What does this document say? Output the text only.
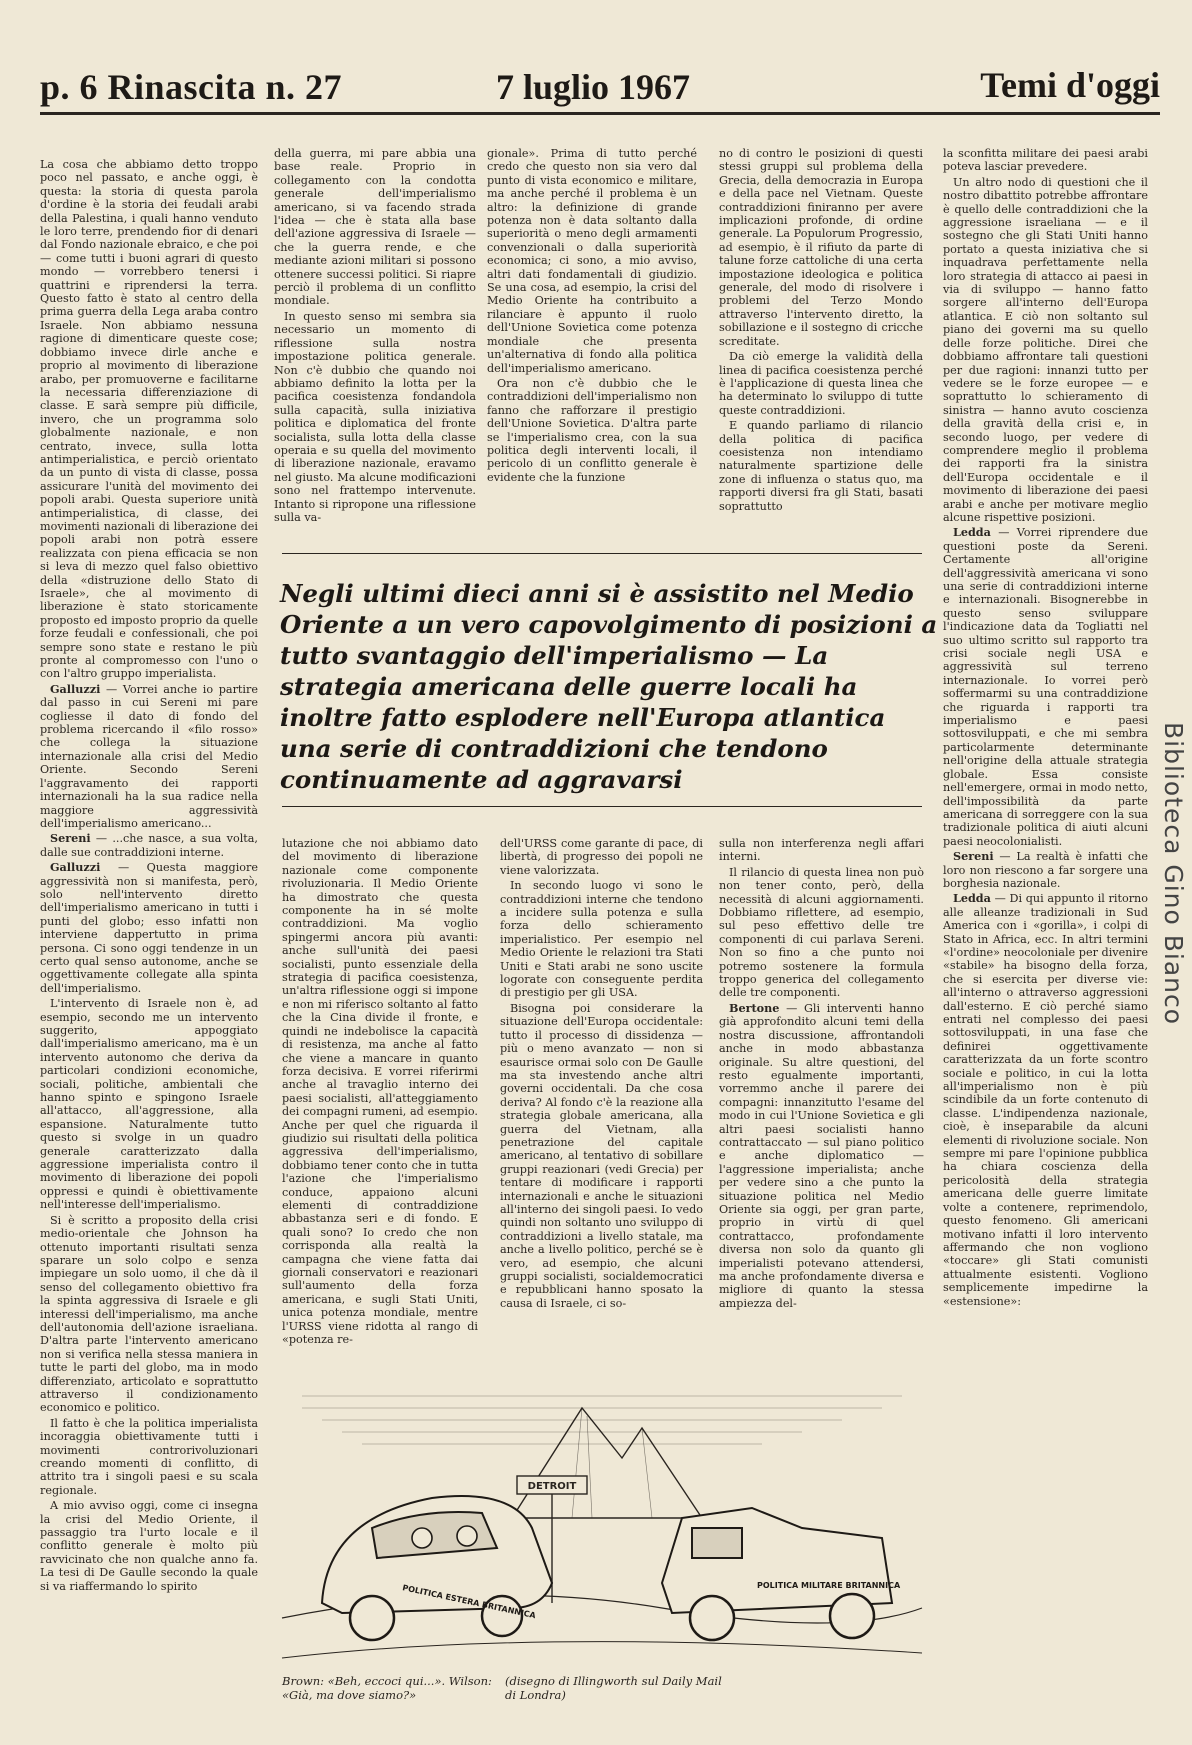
p. 6 Rinascita n. 27	7 luglio 1967	Temi d'oggi

La cosa che abbiamo detto troppo poco nel passato, e anche oggi, è questa: la storia di questa parola d'ordine è la storia dei feudali arabi della Palestina, i quali hanno venduto le loro terre, prendendo fior di denari dal Fondo nazionale ebraico, e che poi — come tutti i buoni agrari di questo mondo — vorrebbero tenersi i quattrini e riprendersi la terra. Questo fatto è stato al centro della prima guerra della Lega araba contro Israele. Non abbiamo nessuna ragione di dimenticare queste cose; dobbiamo invece dirle anche e proprio al movimento di liberazione arabo, per promuoverne e facilitarne la necessaria differenziazione di classe. E sarà sempre più difficile, invero, che un programma solo globalmente nazionale, e non centrato, invece, sulla lotta antimperialistica, e perciò orientato da un punto di vista di classe, possa assicurare l'unità del movimento dei popoli arabi. Questa superiore unità antimperialistica, di classe, dei movimenti nazionali di liberazione dei popoli arabi non potrà essere realizzata con piena efficacia se non si leva di mezzo quel falso obiettivo della «distruzione dello Stato di Israele», che al movimento di liberazione è stato storicamente proposto ed imposto proprio da quelle forze feudali e confessionali, che poi sempre sono state e restano le più pronte al compromesso con l'uno o con l'altro gruppo imperialista.

Galluzzi — Vorrei anche io partire dal passo in cui Sereni mi pare cogliesse il dato di fondo del problema ricercando il «filo rosso» che collega la situazione internazionale alla crisi del Medio Oriente. Secondo Sereni l'aggravamento dei rapporti internazionali ha la sua radice nella maggiore aggressività dell'imperialismo americano...

Sereni — ...che nasce, a sua volta, dalle sue contraddizioni interne.

Galluzzi — Questa maggiore aggressività non si manifesta, però, solo nell'intervento diretto dell'imperialismo americano in tutti i punti del globo; esso infatti non interviene dappertutto in prima persona. Ci sono oggi tendenze in un certo qual senso autonome, anche se oggettivamente collegate alla spinta dell'imperialismo.

L'intervento di Israele non è, ad esempio, secondo me un intervento suggerito, appoggiato dall'imperialismo americano, ma è un intervento autonomo che deriva da particolari condizioni economiche, sociali, politiche, ambientali che hanno spinto e spingono Israele all'attacco, all'aggressione, alla espansione. Naturalmente tutto questo si svolge in un quadro generale caratterizzato dalla aggressione imperialista contro il movimento di liberazione dei popoli oppressi e quindi è obiettivamente nell'interesse dell'imperialismo.

Si è scritto a proposito della crisi medio-orientale che Johnson ha ottenuto importanti risultati senza sparare un solo colpo e senza impiegare un solo uomo, il che dà il senso del collegamento obiettivo fra la spinta aggressiva di Israele e gli interessi dell'imperialismo, ma anche dell'autonomia dell'azione israeliana. D'altra parte l'intervento americano non si verifica nella stessa maniera in tutte le parti del globo, ma in modo differenziato, articolato e soprattutto attraverso il condizionamento economico e politico.

Il fatto è che la politica imperialista incoraggia obiettivamente tutti i movimenti controrivoluzionari creando momenti di conflitto, di attrito tra i singoli paesi e su scala regionale.

A mio avviso oggi, come ci insegna la crisi del Medio Oriente, il passaggio tra l'urto locale e il conflitto generale è molto più ravvicinato che non qualche anno fa. La tesi di De Gaulle secondo la quale si va riaffermando lo spirito

della guerra, mi pare abbia una base reale. Proprio in collegamento con la condotta generale dell'imperialismo americano, si va facendo strada l'idea — che è stata alla base dell'azione aggressiva di Israele — che la guerra rende, e che mediante azioni militari si possono ottenere successi politici. Si riapre perciò il problema di un conflitto mondiale.

In questo senso mi sembra sia necessario un momento di riflessione sulla nostra impostazione politica generale. Non c'è dubbio che quando noi abbiamo definito la lotta per la pacifica coesistenza fondandola sulla capacità, sulla iniziativa politica e diplomatica del fronte socialista, sulla lotta della classe operaia e su quella del movimento di liberazione nazionale, eravamo nel giusto. Ma alcune modificazioni sono nel frattempo intervenute. Intanto si ripropone una riflessione sulla va-

gionale». Prima di tutto perché credo che questo non sia vero dal punto di vista economico e militare, ma anche perché il problema è un altro: la definizione di grande potenza non è data soltanto dalla superiorità o meno degli armamenti convenzionali o dalla superiorità economica; ci sono, a mio avviso, altri dati fondamentali di giudizio. Se una cosa, ad esempio, la crisi del Medio Oriente ha contribuito a rilanciare è appunto il ruolo dell'Unione Sovietica come potenza mondiale che presenta un'alternativa di fondo alla politica dell'imperialismo americano.

Ora non c'è dubbio che le contraddizioni dell'imperialismo non fanno che rafforzare il prestigio dell'Unione Sovietica. D'altra parte se l'imperialismo crea, con la sua politica degli interventi locali, il pericolo di un conflitto generale è evidente che la funzione

no di contro le posizioni di questi stessi gruppi sul problema della Grecia, della democrazia in Europa e della pace nel Vietnam. Queste contraddizioni finiranno per avere implicazioni profonde, di ordine generale. La Populorum Progressio, ad esempio, è il rifiuto da parte di talune forze cattoliche di una certa impostazione ideologica e politica generale, del modo di risolvere i problemi del Terzo Mondo attraverso l'intervento diretto, la sobillazione e il sostegno di cricche screditate.

Da ciò emerge la validità della linea di pacifica coesistenza perché è l'applicazione di questa linea che ha determinato lo sviluppo di tutte queste contraddizioni.

E quando parliamo di rilancio della politica di pacifica coesistenza non intendiamo naturalmente spartizione delle zone di influenza o status quo, ma rapporti diversi fra gli Stati, basati soprattutto

la sconfitta militare dei paesi arabi poteva lasciar prevedere.

Un altro nodo di questioni che il nostro dibattito potrebbe affrontare è quello delle contraddizioni che la aggressione israeliana — e il sostegno che gli Stati Uniti hanno portato a questa iniziativa che si inquadrava perfettamente nella loro strategia di attacco ai paesi in via di sviluppo — hanno fatto sorgere all'interno dell'Europa atlantica. E ciò non soltanto sul piano dei governi ma su quello delle forze politiche. Direi che dobbiamo affrontare tali questioni per due ragioni: innanzi tutto per vedere se le forze europee — e soprattutto lo schieramento di sinistra — hanno avuto coscienza della gravità della crisi e, in secondo luogo, per vedere di comprendere meglio il problema dei rapporti fra la sinistra dell'Europa occidentale e il movimento di liberazione dei paesi arabi e anche per motivare meglio alcune rispettive posizioni.

Ledda — Vorrei riprendere due questioni poste da Sereni. Certamente all'origine dell'aggressività americana vi sono una serie di contraddizioni interne e internazionali. Bisognerebbe in questo senso sviluppare l'indicazione data da Togliatti nel suo ultimo scritto sul rapporto tra crisi sociale negli USA e aggressività sul terreno internazionale. Io vorrei però soffermarmi su una contraddizione che riguarda i rapporti tra imperialismo e paesi sottosviluppati, e che mi sembra particolarmente determinante nell'origine della attuale strategia globale. Essa consiste nell'emergere, ormai in modo netto, dell'impossibilità da parte americana di sorreggere con la sua tradizionale politica di aiuti alcuni paesi neocolonialisti.

Sereni — La realtà è infatti che loro non riescono a far sorgere una borghesia nazionale.

Ledda — Di qui appunto il ritorno alle alleanze tradizionali in Sud America con i «gorilla», i colpi di Stato in Africa, ecc. In altri termini «l'ordine» neocoloniale per divenire «stabile» ha bisogno della forza, che si esercita per diverse vie: all'interno o attraverso aggressioni dall'esterno. E ciò perché siamo entrati nel complesso dei paesi sottosviluppati, in una fase che definirei oggettivamente caratterizzata da un forte scontro sociale e politico, in cui la lotta all'imperialismo non è più scindibile da un forte contenuto di classe. L'indipendenza nazionale, cioè, è inseparabile da alcuni elementi di rivoluzione sociale. Non sempre mi pare l'opinione pubblica ha chiara coscienza della pericolosità della strategia americana delle guerre limitate volte a contenere, reprimendolo, questo fenomeno. Gli americani motivano infatti il loro intervento affermando che non vogliono «toccare» gli Stati comunisti attualmente esistenti. Vogliono semplicemente impedirne la «estensione»:

Negli ultimi dieci anni si è assistito nel Medio Oriente a un vero capovolgimento di posizioni a tutto svantaggio dell'imperialismo — La strategia americana delle guerre locali ha inoltre fatto esplodere nell'Europa atlantica una serie di contraddizioni che tendono continuamente ad aggravarsi

lutazione che noi abbiamo dato del movimento di liberazione nazionale come componente rivoluzionaria. Il Medio Oriente ha dimostrato che questa componente ha in sé molte contraddizioni. Ma voglio spingermi ancora più avanti: anche sull'unità dei paesi socialisti, punto essenziale della strategia di pacifica coesistenza, un'altra riflessione oggi si impone e non mi riferisco soltanto al fatto che la Cina divide il fronte, e quindi ne indebolisce la capacità di resistenza, ma anche al fatto che viene a mancare in quanto forza decisiva. E vorrei riferirmi anche al travaglio interno dei paesi socialisti, all'atteggiamento dei compagni rumeni, ad esempio. Anche per quel che riguarda il giudizio sui risultati della politica aggressiva dell'imperialismo, dobbiamo tener conto che in tutta l'azione che l'imperialismo conduce, appaiono alcuni elementi di contraddizione abbastanza seri e di fondo. E quali sono? Io credo che non corrisponda alla realtà la campagna che viene fatta dai giornali conservatori e reazionari sull'aumento della forza americana, e sugli Stati Uniti, unica potenza mondiale, mentre l'URSS viene ridotta al rango di «potenza re-

dell'URSS come garante di pace, di libertà, di progresso dei popoli ne viene valorizzata.

In secondo luogo vi sono le contraddizioni interne che tendono a incidere sulla potenza e sulla forza dello schieramento imperialistico. Per esempio nel Medio Oriente le relazioni tra Stati Uniti e Stati arabi ne sono uscite logorate con conseguente perdita di prestigio per gli USA.

Bisogna poi considerare la situazione dell'Europa occidentale: tutto il processo di dissidenza — più o meno avanzato — non si esaurisce ormai solo con De Gaulle ma sta investendo anche altri governi occidentali. Da che cosa deriva? Al fondo c'è la reazione alla strategia globale americana, alla guerra del Vietnam, alla penetrazione del capitale americano, al tentativo di sobillare gruppi reazionari (vedi Grecia) per tentare di modificare i rapporti internazionali e anche le situazioni all'interno dei singoli paesi. Io vedo quindi non soltanto uno sviluppo di contraddizioni a livello statale, ma anche a livello politico, perché se è vero, ad esempio, che alcuni gruppi socialisti, socialdemocratici e repubblicani hanno sposato la causa di Israele, ci so-

sulla non interferenza negli affari interni.

Il rilancio di questa linea non può non tener conto, però, della necessità di alcuni aggiornamenti. Dobbiamo riflettere, ad esempio, sul peso effettivo delle tre componenti di cui parlava Sereni. Non so fino a che punto noi potremo sostenere la formula troppo generica del collegamento delle tre componenti.

Bertone — Gli interventi hanno già approfondito alcuni temi della nostra discussione, affrontandoli anche in modo abbastanza originale. Su altre questioni, del resto egualmente importanti, vorremmo anche il parere dei compagni: innanzitutto l'esame del modo in cui l'Unione Sovietica e gli altri paesi socialisti hanno contrattaccato — sul piano politico e anche diplomatico — l'aggressione imperialista; anche per vedere sino a che punto la situazione politica nel Medio Oriente sia oggi, per gran parte, proprio in virtù di quel contrattacco, profondamente diversa non solo da quanto gli imperialisti potevano attendersi, ma anche profondamente diversa e migliore di quanto la stessa ampiezza del-

DETROIT
POLITICA ESTERA BRITANNICA	POLITICA MILITARE BRITANNICA
Brown: «Beh, eccoci qui...». Wilson: «Già, ma dove siamo?»
(disegno di Illingworth sul Daily Mail di Londra)
Biblioteca Gino Bianco
